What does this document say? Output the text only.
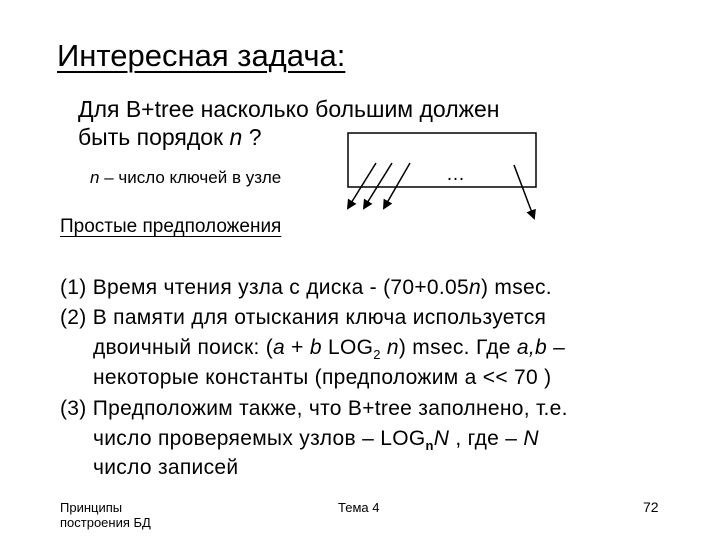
Интересная задача:
Для B+tree насколько большим должен
быть порядок n ?
n – число ключей в узле	…
Простые предположения
(1) Время чтения узла с диска - (70+0.05n) msec.
(2) В памяти для отыскания ключа используется
двоичный поиск: (a + b $LOG_2$ n) msec. Где a,b –
некоторые константы (предположим a << 70 )
(3) Предположим также, что B+tree заполнено, т.е.
число проверяемых узлов – $LOG_nN$ , где – N
число записей
Принципы
построения БД
Тема 4	72
